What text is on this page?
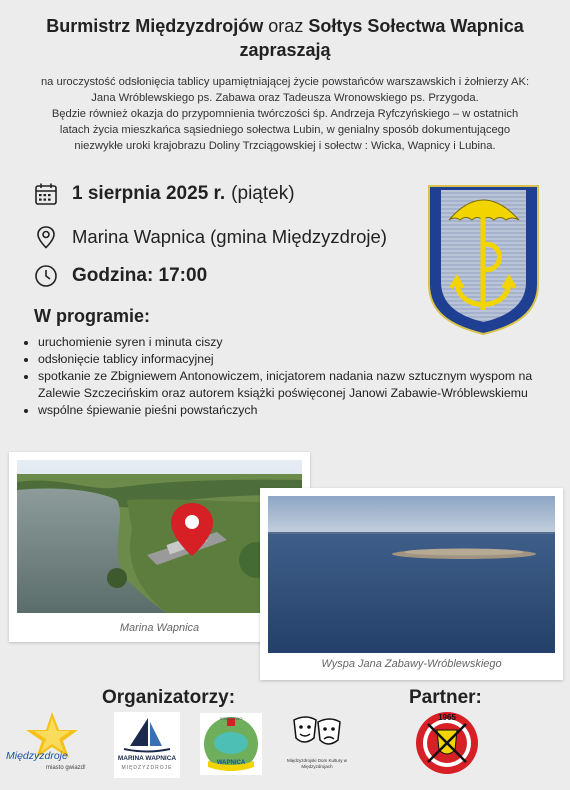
Burmistrz Międzyzdrojów oraz Sołtys Sołectwa Wapnica
zapraszają
na uroczystość odsłonięcia tablicy upamiętniającej życie powstańców warszawskich i żołnierzy AK:
Jana Wróblewskiego ps. Zabawa oraz Tadeusza Wronowskiego ps. Przygoda.
Będzie również okazja do przypomnienia twórczości śp. Andrzeja Ryfczyńskiego – w ostatnich
latach życia mieszkańca sąsiedniego sołectwa Lubin, w genialny sposób dokumentującego
niezwykłe uroki krajobrazu Doliny Trzciągowskiej i sołectw : Wicka, Wapnicy i Lubina.
1 sierpnia 2025 r. (piątek)
Marina Wapnica (gmina Międzyzdroje)
Godzina: 17:00
W programie:
• uruchomienie syren i minuta ciszy
• odsłonięcie tablicy informacyjnej
• spotkanie ze Zbigniewem Antonowiczem, inicjatorem nadania nazw sztucznym wyspom na Zalewie Szczecińskim oraz autorem książki poświęconej Janowi Zabawie-Wróblewskiemu
• wspólne śpiewanie pieśni powstańczych
Marina Wapnica
Wyspa Jana Zabawy-Wróblewskiego
Organizatorzy:	Partner:
Międzyzdroje
miasto gwiazd!
MARINA WAPNICA
MIĘDZYZDROJE
WAPNICA
SOŁECTWO
Międzyzdrojski Dom Kultury w Międzyzdrojach
1965
